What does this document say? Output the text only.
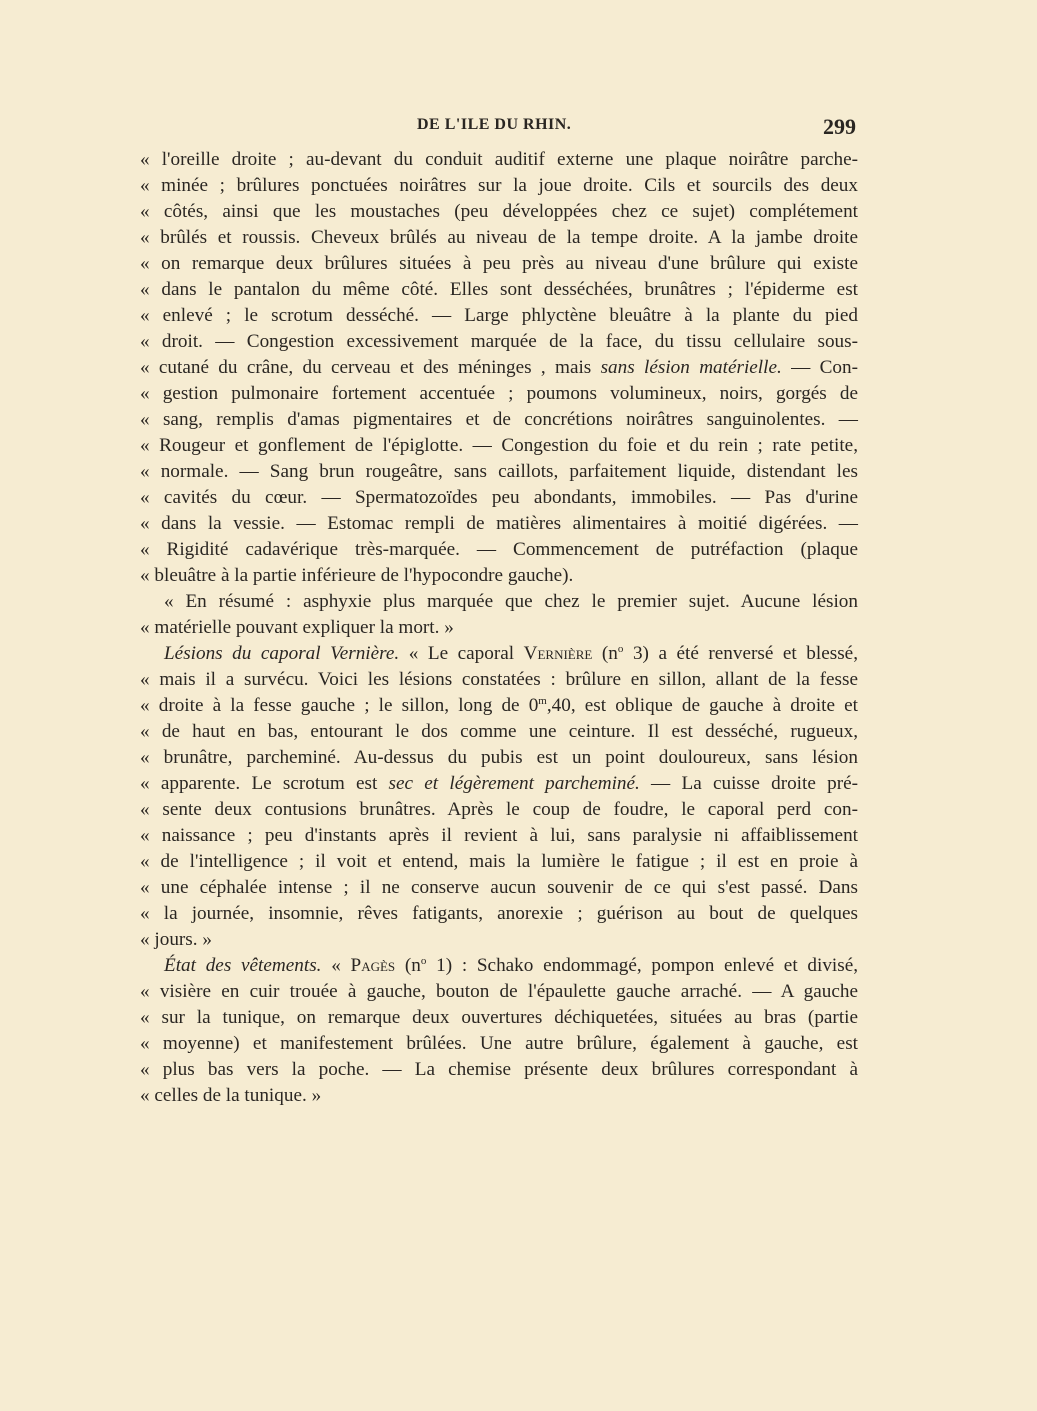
DE L'ILE DU RHIN.	299
« l'oreille droite ; au-devant du conduit auditif externe une plaque noirâtre parche-
« minée ; brûlures ponctuées noirâtres sur la joue droite. Cils et sourcils des deux
« côtés, ainsi que les moustaches (peu développées chez ce sujet) complétement
« brûlés et roussis. Cheveux brûlés au niveau de la tempe droite. A la jambe droite
« on remarque deux brûlures situées à peu près au niveau d'une brûlure qui existe
« dans le pantalon du même côté. Elles sont desséchées, brunâtres ; l'épiderme est
« enlevé ; le scrotum desséché. — Large phlyctène bleuâtre à la plante du pied
« droit. — Congestion excessivement marquée de la face, du tissu cellulaire sous-
« cutané du crâne, du cerveau et des méninges , mais sans lésion matérielle. — Con-
« gestion pulmonaire fortement accentuée ; poumons volumineux, noirs, gorgés de
« sang, remplis d'amas pigmentaires et de concrétions noirâtres sanguinolentes. —
« Rougeur et gonflement de l'épiglotte. — Congestion du foie et du rein ; rate petite,
« normale. — Sang brun rougeâtre, sans caillots, parfaitement liquide, distendant les
« cavités du cœur. — Spermatozoïdes peu abondants, immobiles. — Pas d'urine
« dans la vessie. — Estomac rempli de matières alimentaires à moitié digérées. —
« Rigidité cadavérique très-marquée. — Commencement de putréfaction (plaque
« bleuâtre à la partie inférieure de l'hypocondre gauche).
« En résumé : asphyxie plus marquée que chez le premier sujet. Aucune lésion
« matérielle pouvant expliquer la mort. »
Lésions du caporal Vernière. « Le caporal Vernière ($n^o$ 3) a été renversé et blessé,
« mais il a survécu. Voici les lésions constatées : brûlure en sillon, allant de la fesse
« droite à la fesse gauche ; le sillon, long de 0$^m$,40, est oblique de gauche à droite et
« de haut en bas, entourant le dos comme une ceinture. Il est desséché, rugueux,
« brunâtre, parcheminé. Au-dessus du pubis est un point douloureux, sans lésion
« apparente. Le scrotum est sec et légèrement parcheminé. — La cuisse droite pré-
« sente deux contusions brunâtres. Après le coup de foudre, le caporal perd con-
« naissance ; peu d'instants après il revient à lui, sans paralysie ni affaiblissement
« de l'intelligence ; il voit et entend, mais la lumière le fatigue ; il est en proie à
« une céphalée intense ; il ne conserve aucun souvenir de ce qui s'est passé. Dans
« la journée, insomnie, rêves fatigants, anorexie ; guérison au bout de quelques
« jours. »
État des vêtements. « Pagès ($n^o$ 1) : Schako endommagé, pompon enlevé et divisé,
« visière en cuir trouée à gauche, bouton de l'épaulette gauche arraché. — A gauche
« sur la tunique, on remarque deux ouvertures déchiquetées, situées au bras (partie
« moyenne) et manifestement brûlées. Une autre brûlure, également à gauche, est
« plus bas vers la poche. — La chemise présente deux brûlures correspondant à
« celles de la tunique. »
